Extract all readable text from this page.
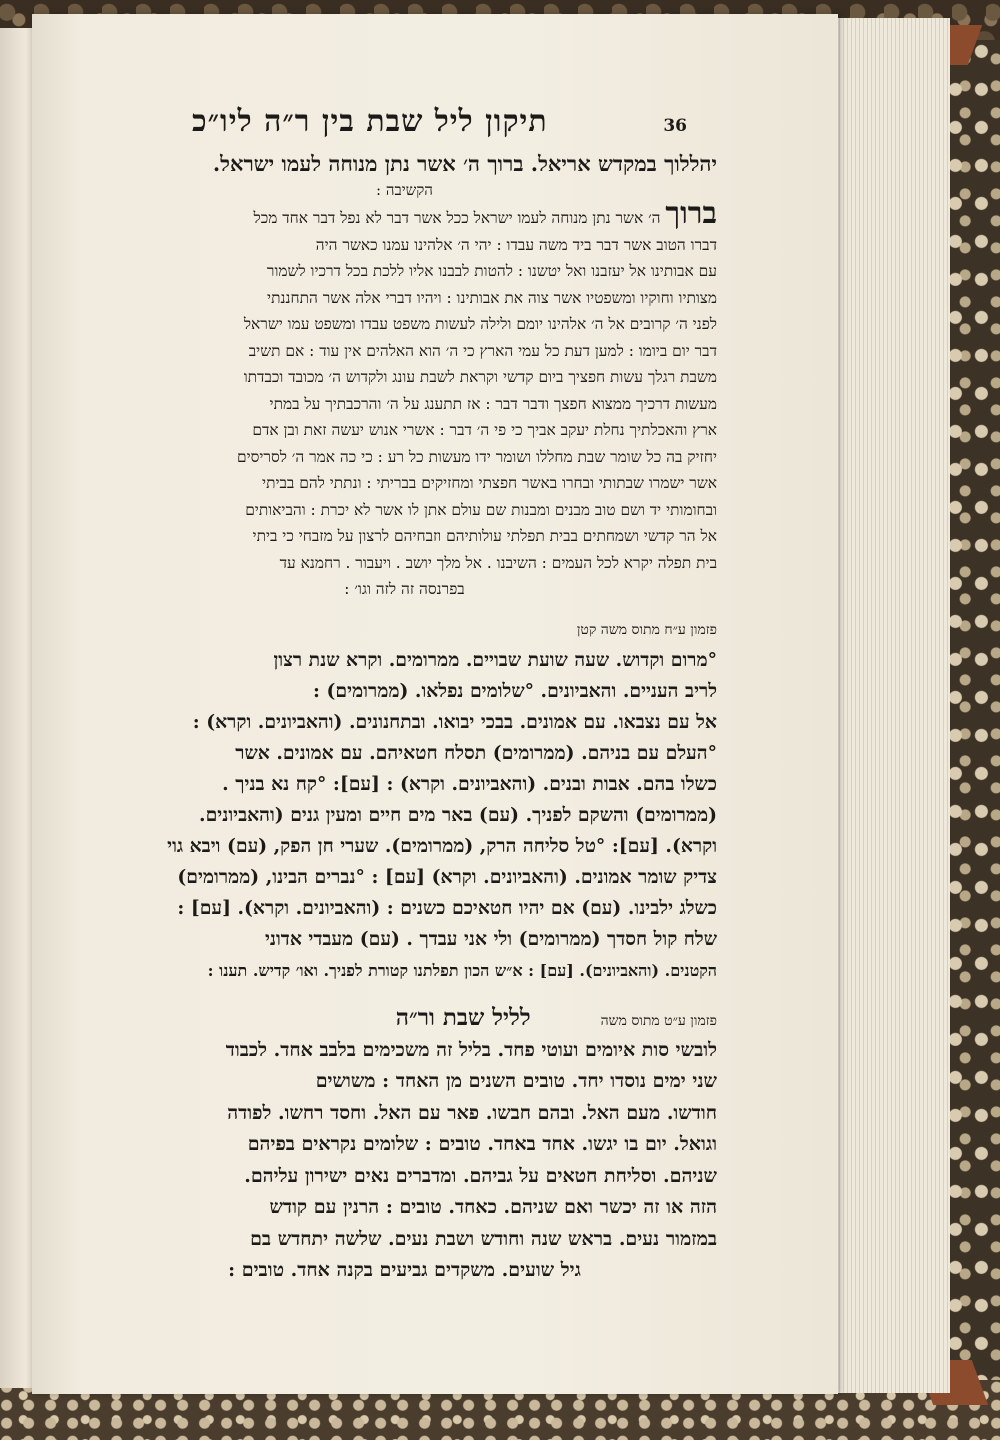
תיקון ליל שבת בין ר״ה ליו״כ	36

יהללוך במקדש אריאל. ברוך ה׳ אשר נתן מנוחה לעמו ישראל.

הקשיבה :

ברוך ה׳ אשר נתן מנוחה לעמו ישראל ככל אשר דבר לא נפל דבר אחד מכל

דברו הטוב אשר דבר ביד משה עבדו : יהי ה׳ אלהינו עמנו כאשר היה

עם אבותינו אל יעזבנו ואל יטשנו : להטות לבבנו אליו ללכת בכל דרכיו לשמור

מצותיו וחוקיו ומשפטיו אשר צוה את אבותינו : ויהיו דברי אלה אשר התחננתי

לפני ה׳ קרובים אל ה׳ אלהינו יומם ולילה לעשות משפט עבדו ומשפט עמו ישראל

דבר יום ביומו : למען דעת כל עמי הארץ כי ה׳ הוא האלהים אין עוד : אם תשיב

משבת רגלך עשות חפציך ביום קדשי וקראת לשבת עונג ולקדוש ה׳ מכובד וכבדתו

מעשות דרכיך ממצוא חפצך ודבר דבר : אז תתענג על ה׳ והרכבתיך על במתי

ארץ והאכלתיך נחלת יעקב אביך כי פי ה׳ דבר : אשרי אנוש יעשה זאת ובן אדם

יחזיק בה כל שומר שבת מחללו ושומר ידו מעשות כל רע : כי כה אמר ה׳ לסריסים

אשר ישמרו שבתותי ובחרו באשר חפצתי ומחזיקים בבריתי : ונתתי להם בביתי

ובחומותי יד ושם טוב מבנים ומבנות שם עולם אתן לו אשר לא יכרת : והביאותים

אל הר קדשי ושמחתים בבית תפלתי עולותיהם וזבחיהם לרצון על מזבחי כי ביתי

בית תפלה יקרא לכל העמים : השיבנו . אל מלך יושב . ויעבור . רחמנא עד

בפרנסה זה לזה וגו׳ :

פזמון ע״ח מתוס משה קטן

°מרום וקדוש. שעה שועת שבויים. ממרומים. וקרא שנת רצון

לריב העניים. והאביונים. °שלומים נפלאו. (ממרומים) :

אל עם נצבאו. עם אמונים. בבכי יבואו. ובתחנונים. (והאביונים. וקרא) :

°העלם עם בניהם. (ממרומים) תסלח חטאיהם. עם אמונים. אשר

כשלו בהם. אבות ובנים. (והאביונים. וקרא) : [עם]: °קח נא בניך .

(ממרומים) והשקם לפניך. (עם) באר מים חיים ומעין גנים (והאביונים.

וקרא). [עם]: °טל סליחה הרק, (ממרומים). שערי חן הפק, (עם) ויבא גוי

צדיק שומר אמונים. (והאביונים. וקרא) [עם] : °נברים הבינו, (ממרומים)

כשלג ילבינו. (עם) אם יהיו חטאיכם כשנים : (והאביונים. וקרא). [עם] :

שלח קול חסדך (ממרומים) ולי אני עבדך . (עם) מעבדי אדוני

הקטנים. (והאביונים). [עם] : א״ש הכון תפלתנו קטורת לפניך. ואו׳ קדיש. תענו :

פזמון ע״ט מתוס משה
לליל שבת ור״ה

לובשי סות איומים ועוטי פחד. בליל זה משכימים בלבב אחד. לכבוד

שני ימים נוסדו יחד. טובים השנים מן האחד : משושים

חודשו. מעם האל. ובהם חבשו. פאר עם האל. וחסד רחשו. לפודה

וגואל. יום בו יגשו. אחד באחד. טובים : שלומים נקראים בפיהם

שניהם. וסליחת חטאים על גביהם. ומדברים נאים ישירון עליהם.

הזה או זה יכשר ואם שניהם. כאחד. טובים : הרנין עם קודש

במזמור נעים. בראש שנה וחודש ושבת נעים. שלשה יתחדש בם

גיל שועים. משקדים גביעים בקנה אחד. טובים :
